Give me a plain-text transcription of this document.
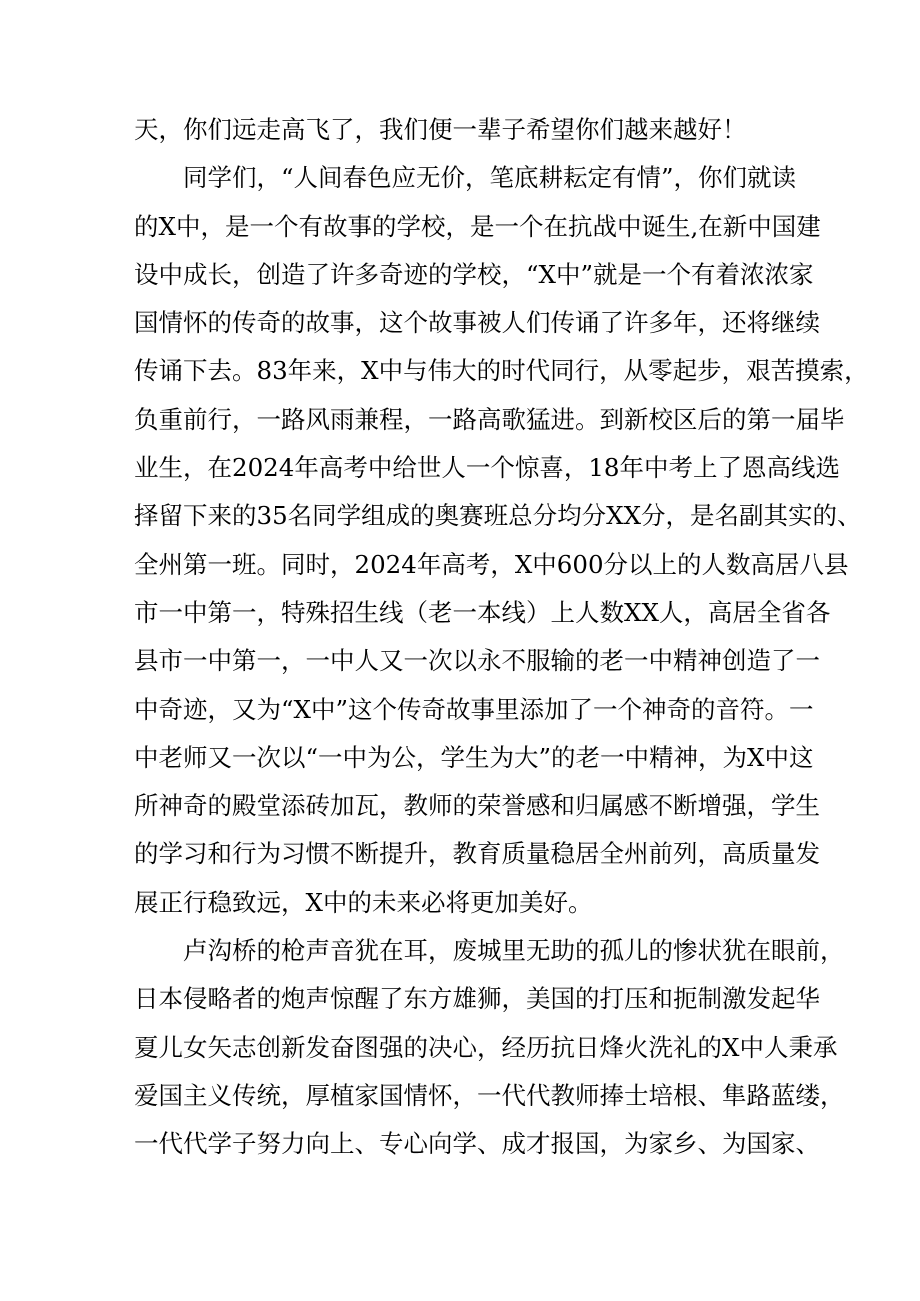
天，你们远走高飞了，我们便一辈子希望你们越来越好！
同学们，“人间春色应无价，笔底耕耘定有情”，你们就读
的X中，是一个有故事的学校，是一个在抗战中诞生,在新中国建
设中成长，创造了许多奇迹的学校，“X中”就是一个有着浓浓家
国情怀的传奇的故事，这个故事被人们传诵了许多年，还将继续
传诵下去。83年来，X中与伟大的时代同行，从零起步，艰苦摸索，
负重前行，一路风雨兼程，一路高歌猛进。到新校区后的第一届毕
业生，在2024年高考中给世人一个惊喜，18年中考上了恩高线选
择留下来的35名同学组成的奥赛班总分均分XX分，是名副其实的、
全州第一班。同时，2024年高考，X中600分以上的人数高居八县
市一中第一，特殊招生线（老一本线）上人数XX人，高居全省各
县市一中第一，一中人又一次以永不服输的老一中精神创造了一
中奇迹，又为“X中”这个传奇故事里添加了一个神奇的音符。一
中老师又一次以“一中为公，学生为大”的老一中精神，为X中这
所神奇的殿堂添砖加瓦，教师的荣誉感和归属感不断增强，学生
的学习和行为习惯不断提升，教育质量稳居全州前列，高质量发
展正行稳致远，X中的未来必将更加美好。
卢沟桥的枪声音犹在耳，废城里无助的孤儿的惨状犹在眼前，
日本侵略者的炮声惊醒了东方雄狮，美国的打压和扼制激发起华
夏儿女矢志创新发奋图强的决心，经历抗日烽火洗礼的X中人秉承
爱国主义传统，厚植家国情怀，一代代教师捧士培根、隼路蓝缕，
一代代学子努力向上、专心向学、成才报国，为家乡、为国家、
